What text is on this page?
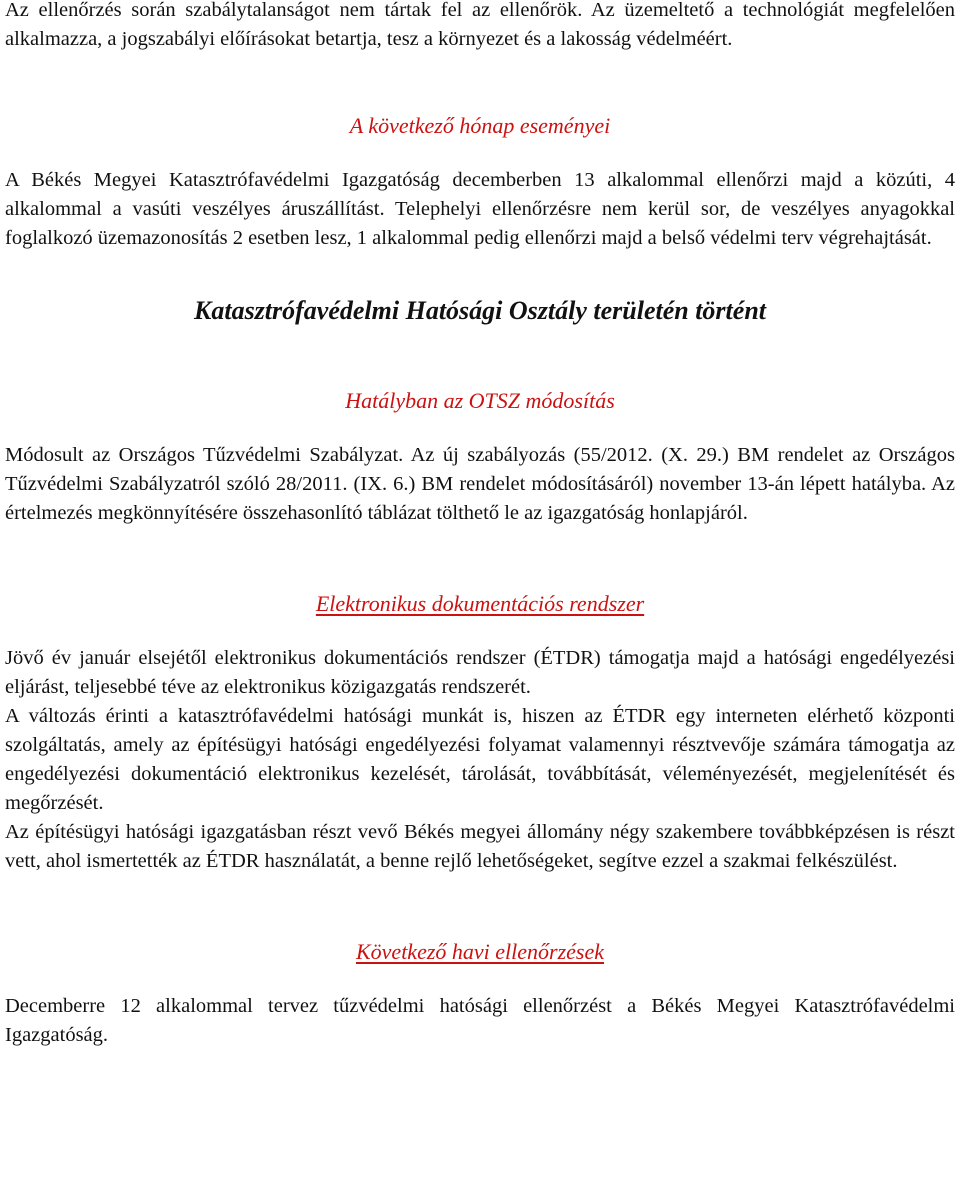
Az ellenőrzés során szabálytalanságot nem tártak fel az ellenőrök. Az üzemeltető a technológiát megfelelően alkalmazza, a jogszabályi előírásokat betartja, tesz a környezet és a lakosság védelméért.

A következő hónap eseményei

A Békés Megyei Katasztrófavédelmi Igazgatóság decemberben 13 alkalommal ellenőrzi majd a közúti, 4 alkalommal a vasúti veszélyes áruszállítást. Telephelyi ellenőrzésre nem kerül sor, de veszélyes anyagokkal foglalkozó üzemazonosítás 2 esetben lesz, 1 alkalommal pedig ellenőrzi majd a belső védelmi terv végrehajtását.

Katasztrófavédelmi Hatósági Osztály területén történt
Hatályban az OTSZ módosítás

Módosult az Országos Tűzvédelmi Szabályzat. Az új szabályozás (55/2012. (X. 29.) BM rendelet az Országos Tűzvédelmi Szabályzatról szóló 28/2011. (IX. 6.) BM rendelet módosításáról) november 13-án lépett hatályba. Az értelmezés megkönnyítésére összehasonlító táblázat tölthető le az igazgatóság honlapjáról.

Elektronikus dokumentációs rendszer

Jövő év január elsejétől elektronikus dokumentációs rendszer (ÉTDR) támogatja majd a hatósági engedélyezési eljárást, teljesebbé téve az elektronikus közigazgatás rendszerét.

A változás érinti a katasztrófavédelmi hatósági munkát is, hiszen az ÉTDR egy interneten elérhető központi szolgáltatás, amely az építésügyi hatósági engedélyezési folyamat valamennyi résztvevője számára támogatja az engedélyezési dokumentáció elektronikus kezelését, tárolását, továbbítását, véleményezését, megjelenítését és megőrzését.

Az építésügyi hatósági igazgatásban részt vevő Békés megyei állomány négy szakembere továbbképzésen is részt vett, ahol ismertették az ÉTDR használatát, a benne rejlő lehetőségeket, segítve ezzel a szakmai felkészülést.

Következő havi ellenőrzések

Decemberre 12 alkalommal tervez tűzvédelmi hatósági ellenőrzést a Békés Megyei Katasztrófavédelmi Igazgatóság.
